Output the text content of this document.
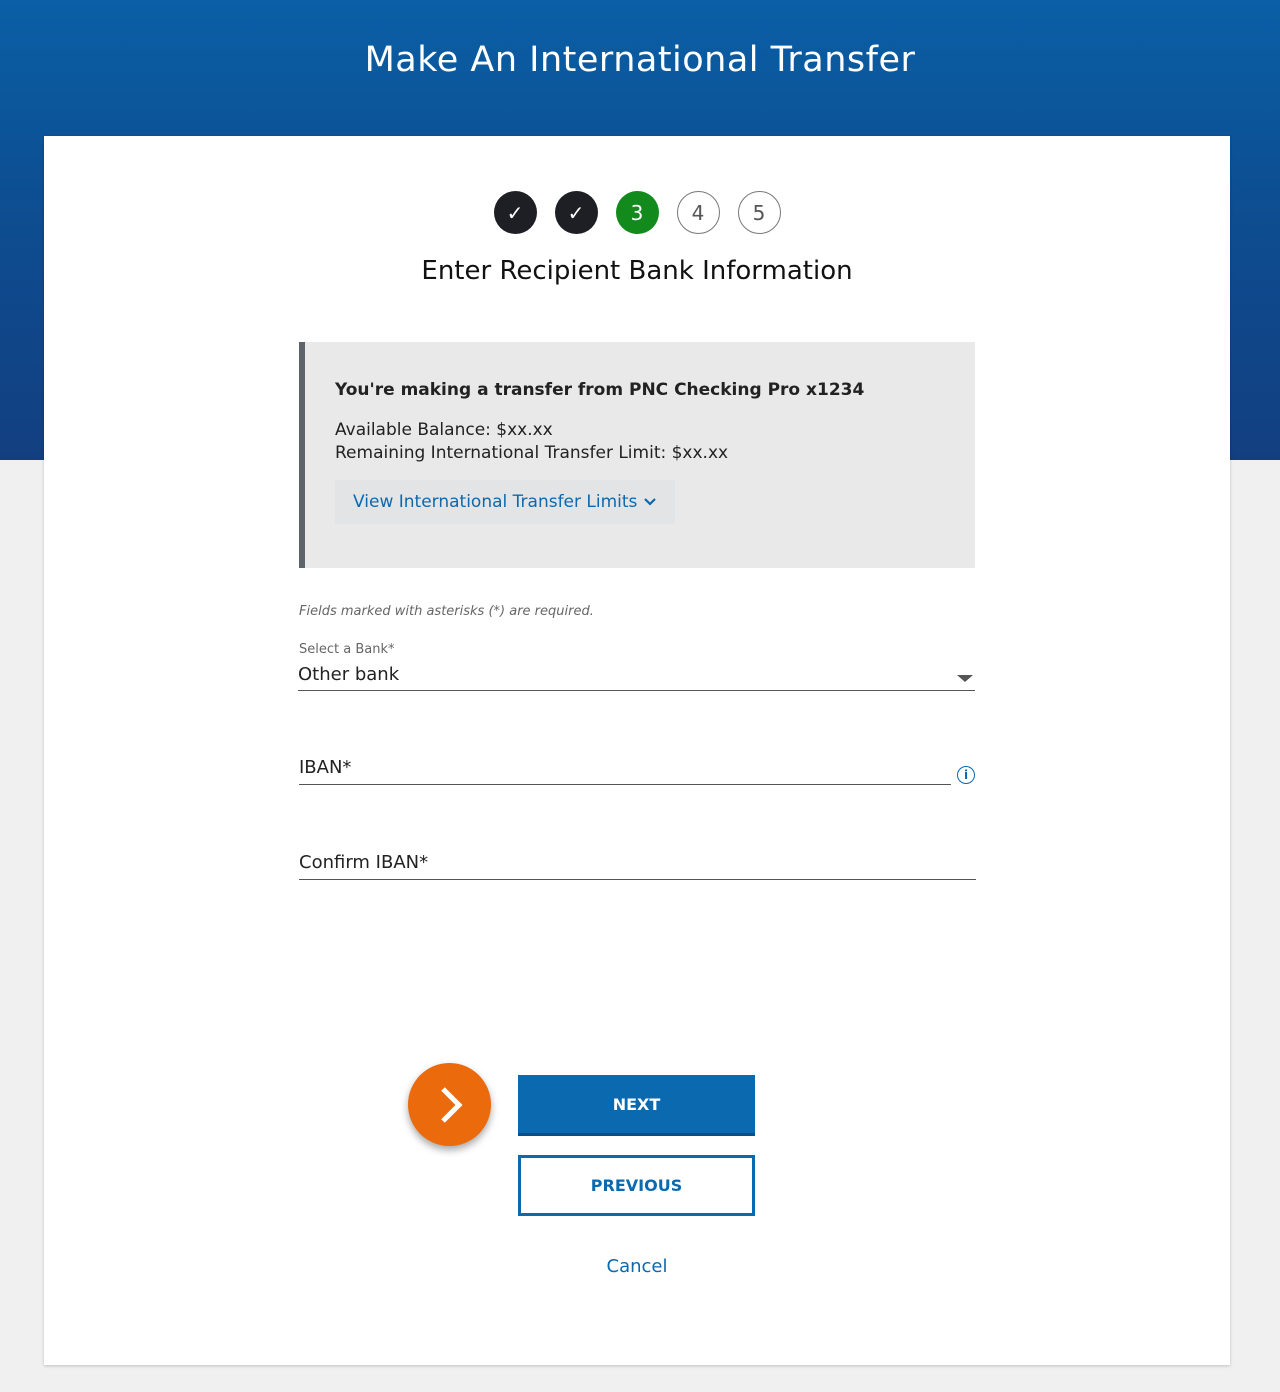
Make An International Transfer
✓	✓	3	4	5
Enter Recipient Bank Information
You're making a transfer from PNC Checking Pro x1234
Available Balance: $xx.xx
Remaining International Transfer Limit: $xx.xx
View International Transfer Limits
Fields marked with asterisks (*) are required.
Select a Bank*
Other bank
IBAN*	i
Confirm IBAN*
NEXT
PREVIOUS
Cancel
